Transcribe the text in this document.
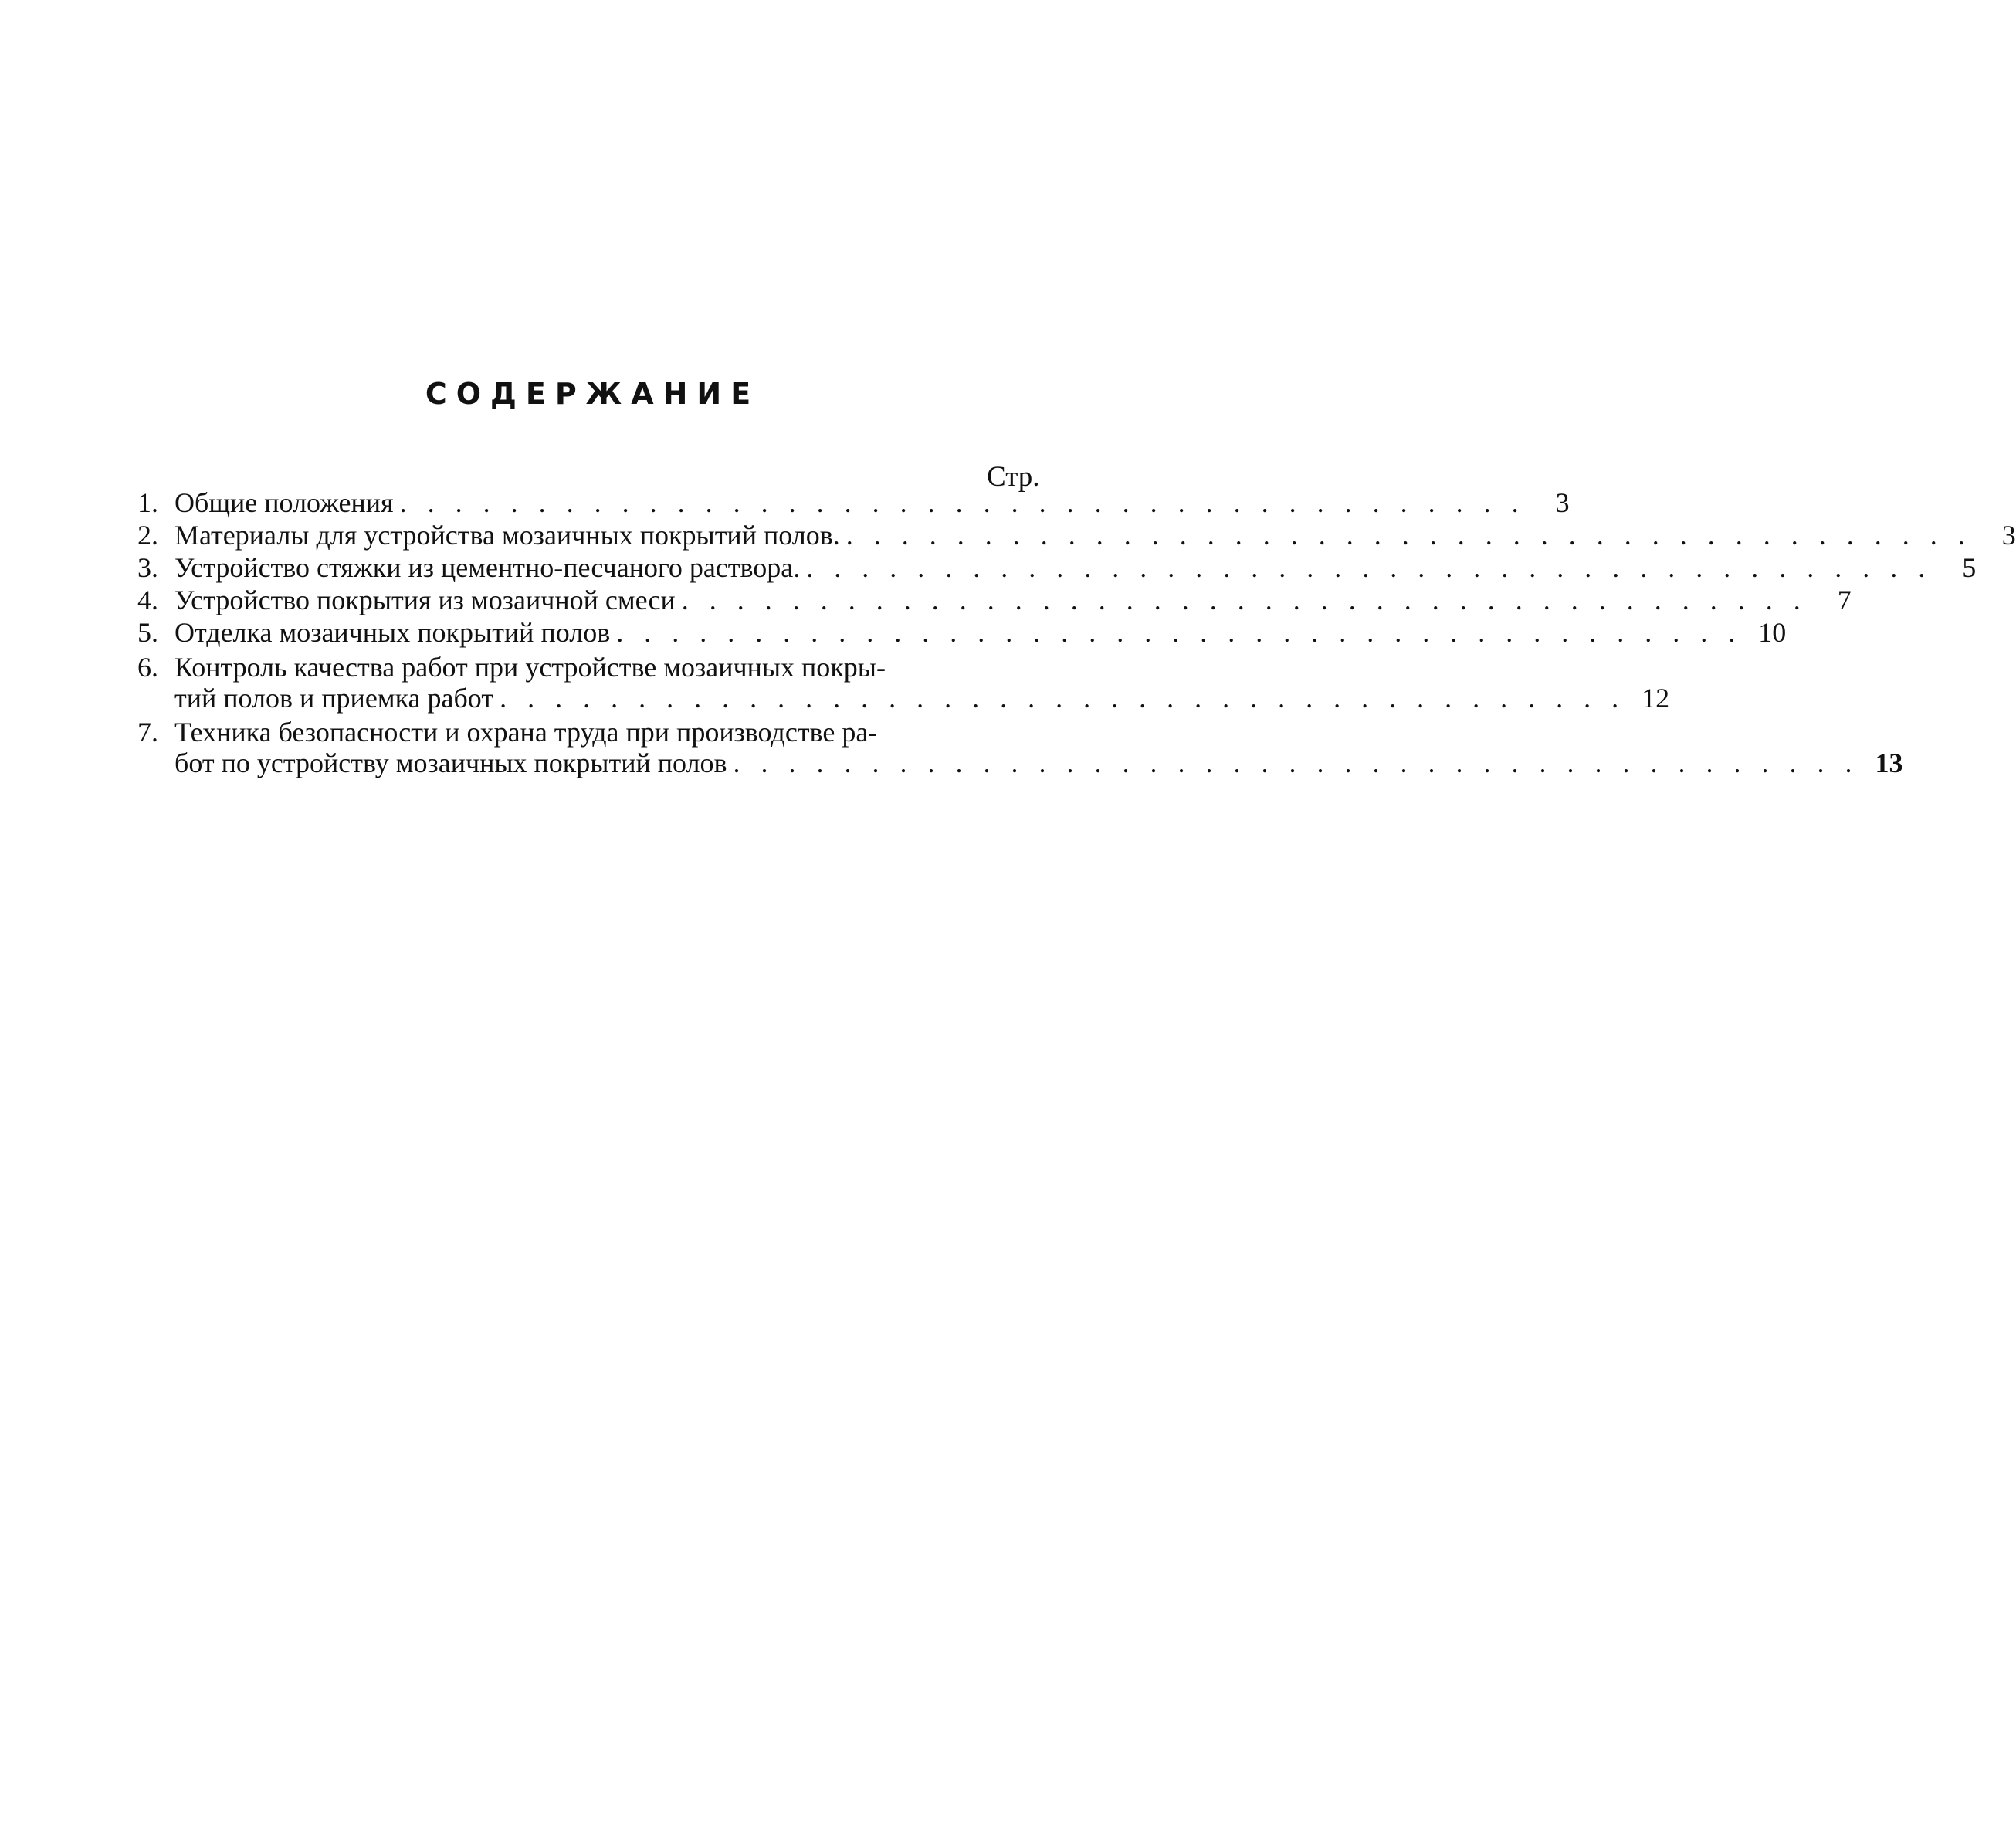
СОДЕРЖАНИЕ
Стр.
1. Общие положения . . .	3
2. Материалы для устройства мозаичных покрытий полов. . . .	3
3. Устройство стяжки из цементно-песчаного раствора. . . .	5
4. Устройство покрытия из мозаичной смеси . . .	7
5. Отделка мозаичных покрытий полов . . .	10
6. Контроль качества работ при устройстве мозаичных покры-
тий полов и приемка работ . . .	12
7. Техника безопасности и охрана труда при производстве ра-
бот по устройству мозаичных покрытий полов . . .	13
